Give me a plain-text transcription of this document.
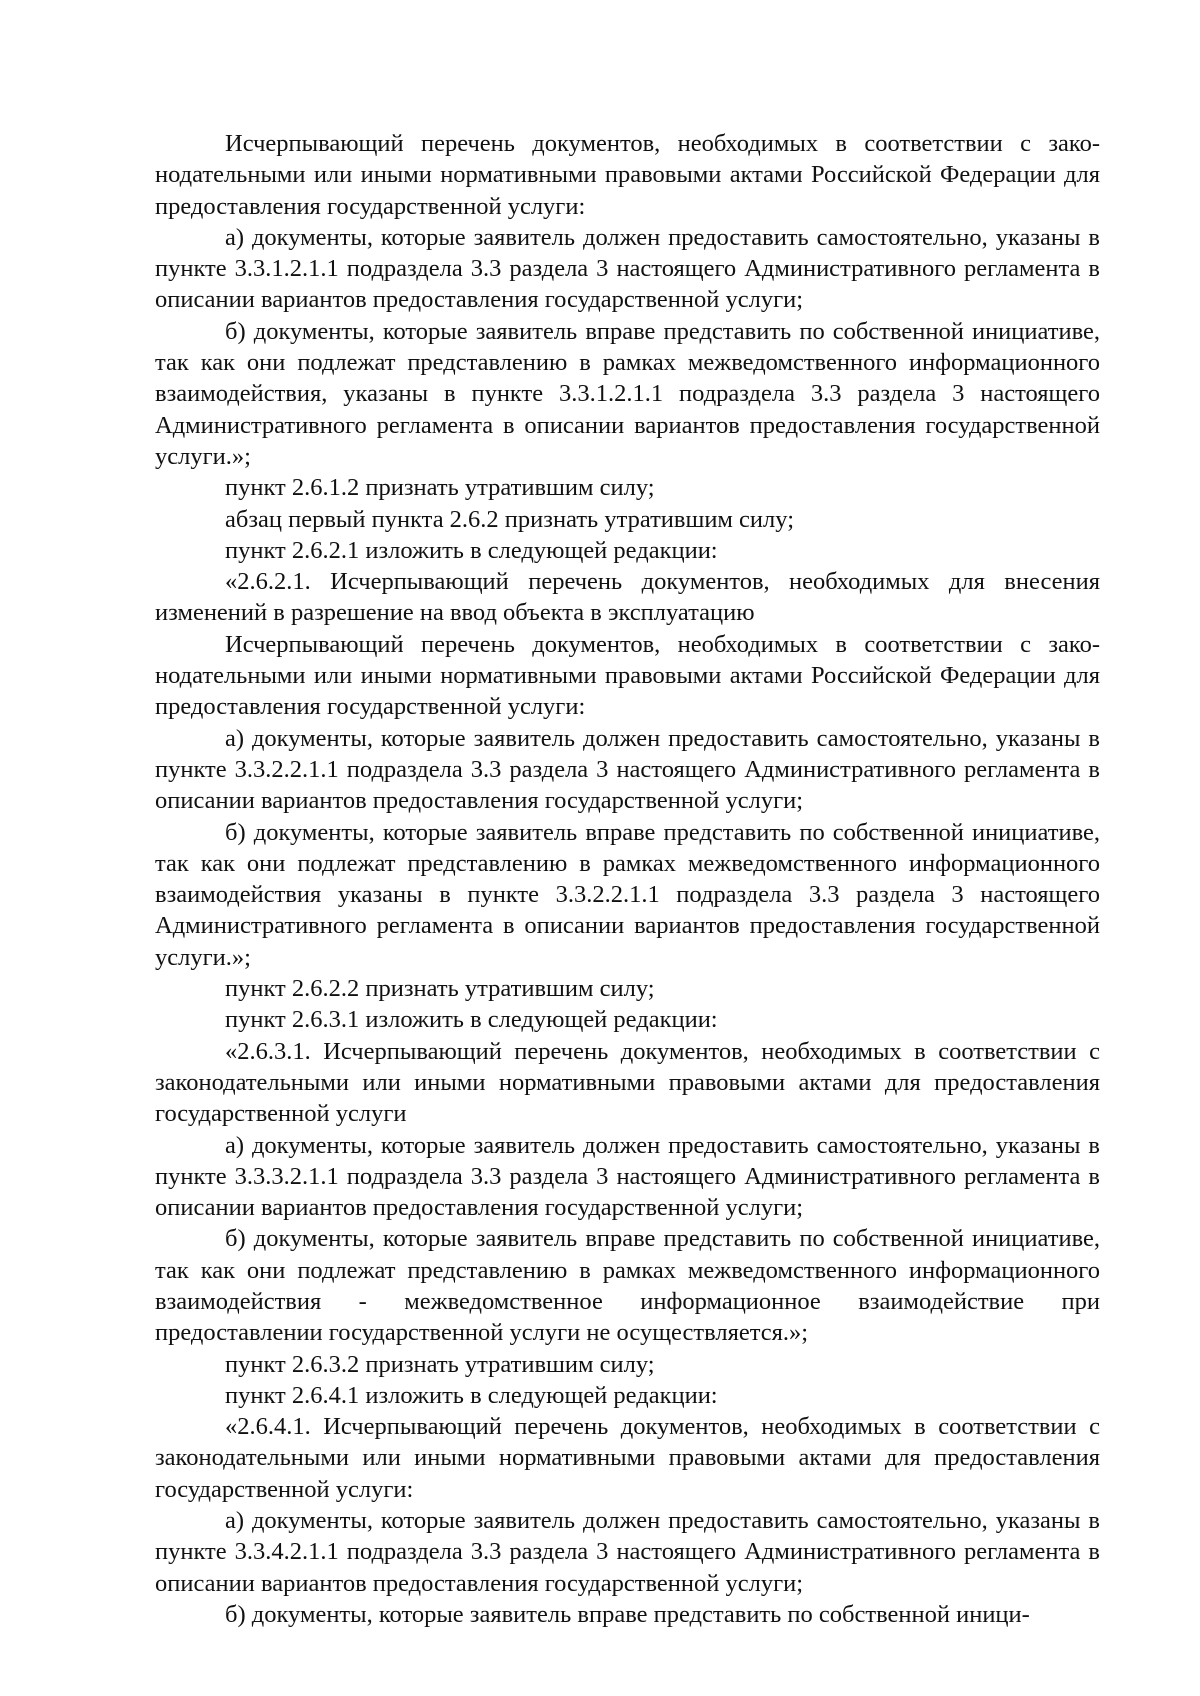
Исчерпывающий перечень документов, необходимых в соответствии с законодательными или иными нормативными правовыми актами Российской Федерации для предоставления государственной услуги:

а) документы, которые заявитель должен предоставить самостоятельно, указаны в пункте 3.3.1.2.1.1 подраздела 3.3 раздела 3 настоящего Административного регламента в описании вариантов предоставления государственной услуги;

б) документы, которые заявитель вправе представить по собственной инициативе, так как они подлежат представлению в рамках межведомственного информационного взаимодействия, указаны в пункте 3.3.1.2.1.1 подраздела 3.3 раздела 3 настоящего Административного регламента в описании вариантов предоставления государственной услуги.»;

пункт 2.6.1.2 признать утратившим силу;

абзац первый пункта 2.6.2 признать утратившим силу;

пункт 2.6.2.1 изложить в следующей редакции:

«2.6.2.1. Исчерпывающий перечень документов, необходимых для внесения изменений в разрешение на ввод объекта в эксплуатацию

Исчерпывающий перечень документов, необходимых в соответствии с законодательными или иными нормативными правовыми актами Российской Федерации для предоставления государственной услуги:

а) документы, которые заявитель должен предоставить самостоятельно, указаны в пункте 3.3.2.2.1.1 подраздела 3.3 раздела 3 настоящего Административного регламента в описании вариантов предоставления государственной услуги;

б) документы, которые заявитель вправе представить по собственной инициативе, так как они подлежат представлению в рамках межведомственного информационного взаимодействия указаны в пункте 3.3.2.2.1.1 подраздела 3.3 раздела 3 настоящего Административного регламента в описании вариантов предоставления государственной услуги.»;

пункт 2.6.2.2 признать утратившим силу;

пункт 2.6.3.1 изложить в следующей редакции:

«2.6.3.1. Исчерпывающий перечень документов, необходимых в соответствии с законодательными или иными нормативными правовыми актами для предоставления государственной услуги

а) документы, которые заявитель должен предоставить самостоятельно, указаны в пункте 3.3.3.2.1.1 подраздела 3.3 раздела 3 настоящего Административного регламента в описании вариантов предоставления государственной услуги;

б) документы, которые заявитель вправе представить по собственной инициативе, так как они подлежат представлению в рамках межведомственного информационного взаимодействия - межведомственное информационное взаимодействие при предоставлении государственной услуги не осуществляется.»;

пункт 2.6.3.2 признать утратившим силу;

пункт 2.6.4.1 изложить в следующей редакции:

«2.6.4.1. Исчерпывающий перечень документов, необходимых в соответствии с законодательными или иными нормативными правовыми актами для предоставления государственной услуги:

а) документы, которые заявитель должен предоставить самостоятельно, указаны в пункте 3.3.4.2.1.1 подраздела 3.3 раздела 3 настоящего Административного регламента в описании вариантов предоставления государственной услуги;

б) документы, которые заявитель вправе представить по собственной иници-
